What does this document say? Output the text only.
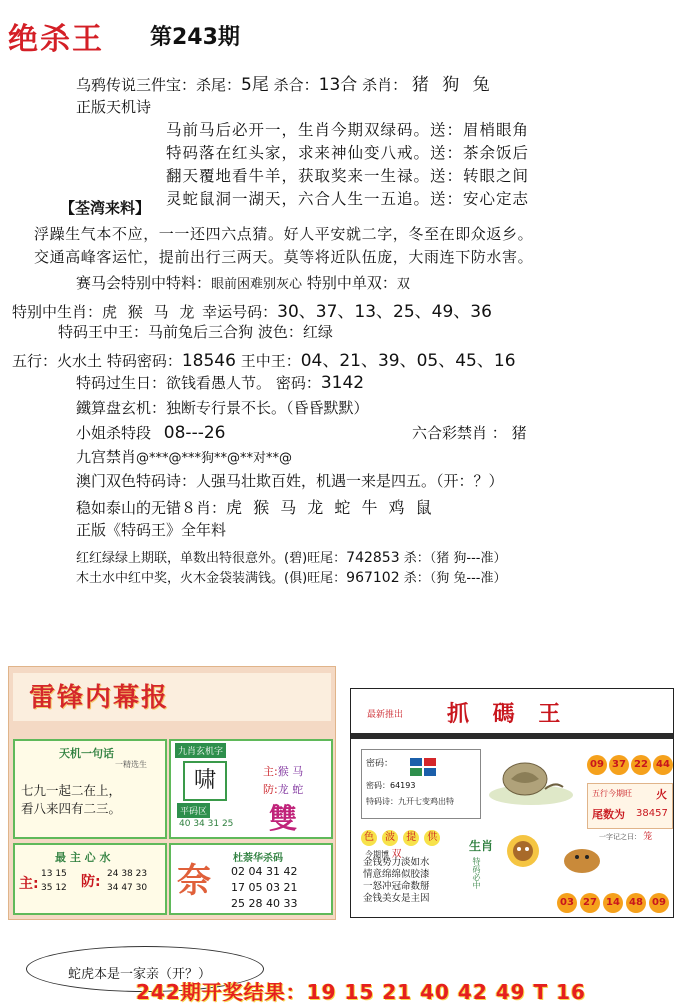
绝杀王 第243期
乌鸦传说三件宝：杀尾：5尾 杀合：13合 杀肖： 猪 狗 兔
正版天机诗
马前马后必开一，生肖今期双绿码。送：眉梢眼角
特码落在红头家，求来神仙变八戒。送：茶余饭后
翻天覆地看牛羊，获取奖来一生禄。送：转眼之间
灵蛇鼠洞一湖天，六合人生一五追。送：安心定志
【荃湾来料】
浮躁生气本不应，一一还四六点猜。好人平安就二字，冬至在即众返乡。
交通高峰客运忙，提前出行三两天。莫等将近队伍庞，大雨连下防水害。
赛马会特别中特料：眼前困难别灰心 特别中单双：双
特别中生肖：虎 猴 马 龙 幸运号码：30、37、13、25、49、36
特码王中王：马前兔后三合狗 波色：红绿
五行：火水土 特码密码：18546 王中王：04、21、39、05、45、16
特码过生日：欲钱看愚人节。 密码：3142
鐵算盘玄机：独断专行景不长。（昏昏默默）
小姐杀特段 08---26	六合彩禁肖 ： 猪
九宫禁肖@***@***狗**@**对**@
澳门双色特码诗：人强马壮欺百姓，机遇一来是四五。（开：？）
稳如泰山的无错８肖：虎 猴 马 龙 蛇 牛 鸡 鼠
正版《特码王》全年料
红红绿绿上期联，单数出特很意外。(碧)旺尾：742853 杀：（猪 狗---准）
木土水中红中奖，火木金袋装满钱。(俱)旺尾：967102 杀：（狗 兔---准）
雷锋内幕报
天机一句话
一精选生
七九一起二在上，
看八来四有二三。
九肖玄机字
啸	主:猴 马
防:龙 蛇
平码区
40 34 31 25 雙
最 主 心 水
主:
13 15
35 12 防: 24 38 23
34 47 30 奈
杜萘华杀码
02 04 31 42
17 05 03 21
25 28 40 33
最新推出 抓 碼 王
密码：
密码：64193
特码诗：九开七变鸡出特
09 37 22 44
五行今期旺 火
尾数为 38457
色 波 提 供
今期博 双
金钱势力淡如水
情意绵绵似胶漆
一怒冲冠命数掰
金钱美女是主因
生肖
特码必中
一字记之曰： 笼
03 27 14 48 09
蛇虎本是一家亲（开？）
242期开奖结果：19 15 21 40 42 49 T 16
